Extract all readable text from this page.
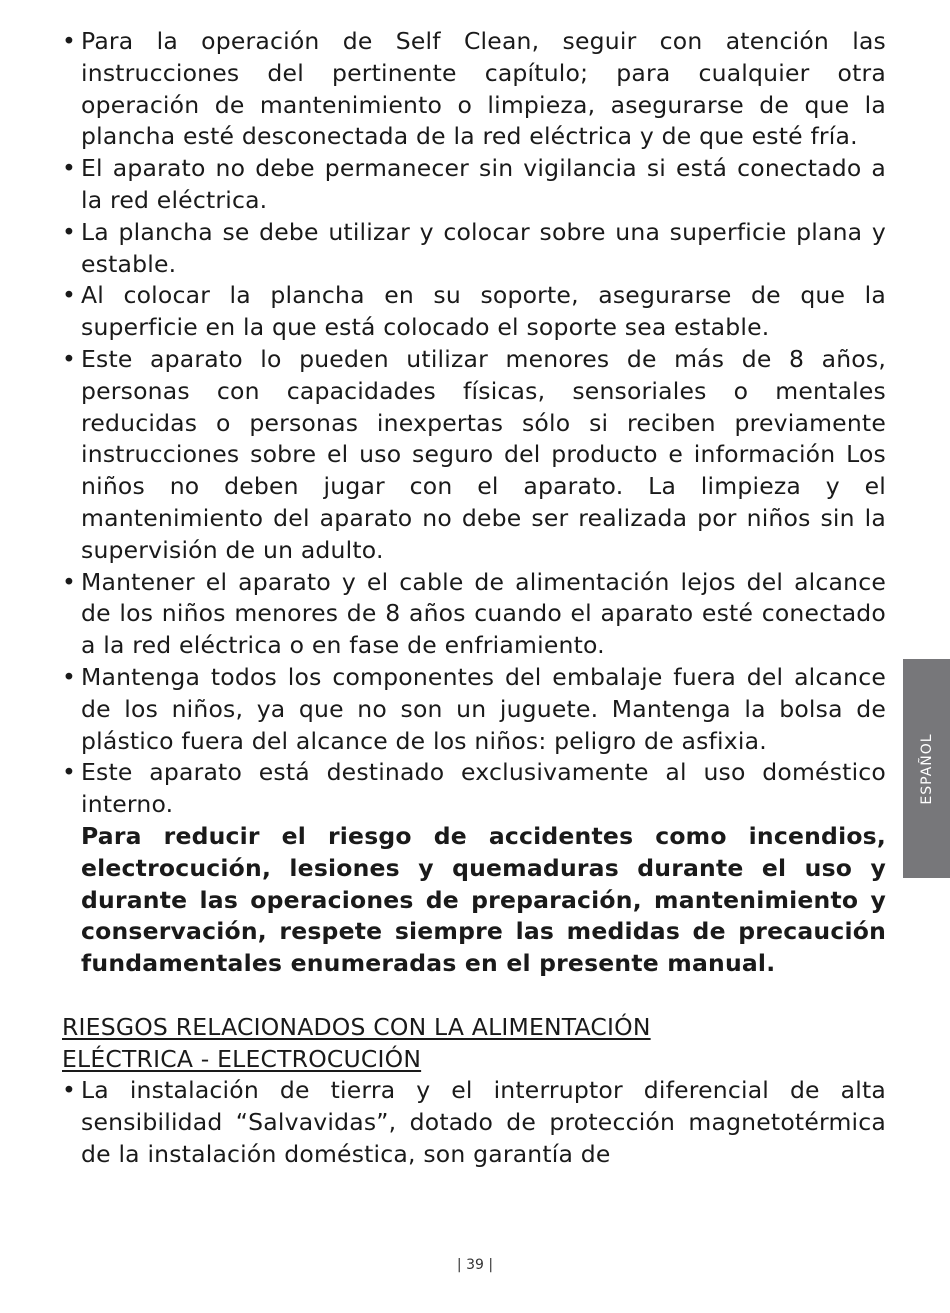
• Para la operación de Self Clean, seguir con atención las instrucciones del pertinente capítulo; para cualquier otra operación de mantenimiento o limpieza, asegurarse de que la plancha esté desconectada de la red eléctrica y de que esté fría.
• El aparato no debe permanecer sin vigilancia si está conectado a la red eléctrica.
• La plancha se debe utilizar y colocar sobre una superficie plana y estable.
• Al colocar la plancha en su soporte, asegurarse de que la superficie en la que está colocado el soporte sea estable.
• Este aparato lo pueden utilizar menores de más de 8 años, personas con capacidades físicas, sensoriales o mentales reducidas o personas inexpertas sólo si reciben previamente instrucciones sobre el uso seguro del producto e información Los niños no deben jugar con el aparato. La limpieza y el mantenimiento del aparato no debe ser realizada por niños sin la supervisión de un adulto.
• Mantener el aparato y el cable de alimentación lejos del alcance de los niños menores de 8 años cuando el aparato esté conectado a la red eléctrica o en fase de enfriamiento.
• Mantenga todos los componentes del embalaje fuera del alcance de los niños, ya que no son un juguete. Mantenga la bolsa de plástico fuera del alcance de los niños: peligro de asfixia.
• Este aparato está destinado exclusivamente al uso doméstico interno.

Para reducir el riesgo de accidentes como incendios, electrocución, lesiones y quemaduras durante el uso y durante las operaciones de preparación, mantenimiento y conservación, respete siempre las medidas de precaución fundamentales enumeradas en el presente manual.

RIESGOS RELACIONADOS CON LA ALIMENTACIÓN ELÉCTRICA - ELECTROCUCIÓN
• La instalación de tierra y el interruptor diferencial de alta sensibilidad “Salvavidas”, dotado de protección magnetotérmica de la instalación doméstica, son garantía de
ESPAÑOL
| 39 |
